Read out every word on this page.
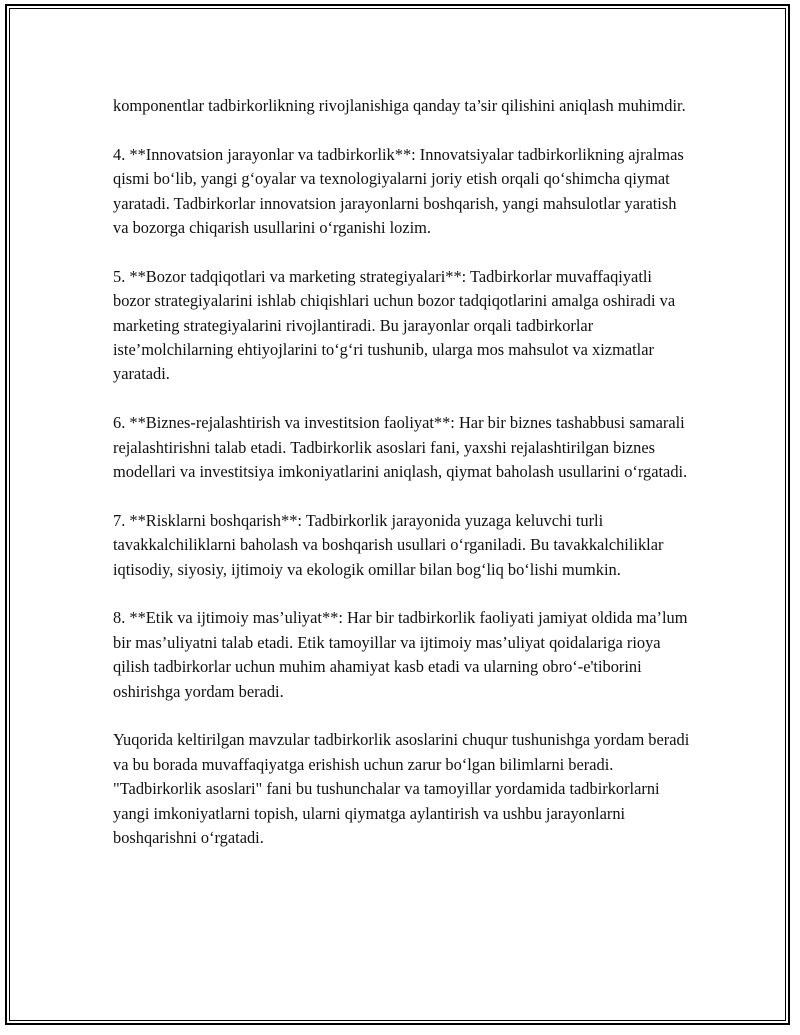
komponentlar tadbirkorlikning rivojlanishiga qanday ta’sir qilishini aniqlash muhimdir.

4. **Innovatsion jarayonlar va tadbirkorlik**: Innovatsiyalar tadbirkorlikning ajralmas qismi bo‘lib, yangi g‘oyalar va texnologiyalarni joriy etish orqali qo‘shimcha qiymat yaratadi. Tadbirkorlar innovatsion jarayonlarni boshqarish, yangi mahsulotlar yaratish va bozorga chiqarish usullarini o‘rganishi lozim.

5. **Bozor tadqiqotlari va marketing strategiyalari**: Tadbirkorlar muvaffaqiyatli bozor strategiyalarini ishlab chiqishlari uchun bozor tadqiqotlarini amalga oshiradi va marketing strategiyalarini rivojlantiradi. Bu jarayonlar orqali tadbirkorlar iste’molchilarning ehtiyojlarini to‘g‘ri tushunib, ularga mos mahsulot va xizmatlar yaratadi.

6. **Biznes-rejalashtirish va investitsion faoliyat**: Har bir biznes tashabbusi samarali rejalashtirishni talab etadi. Tadbirkorlik asoslari fani, yaxshi rejalashtirilgan biznes modellari va investitsiya imkoniyatlarini aniqlash, qiymat baholash usullarini o‘rgatadi.

7. **Risklarni boshqarish**: Tadbirkorlik jarayonida yuzaga keluvchi turli tavakkalchiliklarni baholash va boshqarish usullari o‘rganiladi. Bu tavakkalchiliklar iqtisodiy, siyosiy, ijtimoiy va ekologik omillar bilan bog‘liq bo‘lishi mumkin.

8. **Etik va ijtimoiy mas’uliyat**: Har bir tadbirkorlik faoliyati jamiyat oldida ma’lum bir mas’uliyatni talab etadi. Etik tamoyillar va ijtimoiy mas’uliyat qoidalariga rioya qilish tadbirkorlar uchun muhim ahamiyat kasb etadi va ularning obro‘-e'tiborini oshirishga yordam beradi.

Yuqorida keltirilgan mavzular tadbirkorlik asoslarini chuqur tushunishga yordam beradi va bu borada muvaffaqiyatga erishish uchun zarur bo‘lgan bilimlarni beradi. "Tadbirkorlik asoslari" fani bu tushunchalar va tamoyillar yordamida tadbirkorlarni yangi imkoniyatlarni topish, ularni qiymatga aylantirish va ushbu jarayonlarni boshqarishni o‘rgatadi.
